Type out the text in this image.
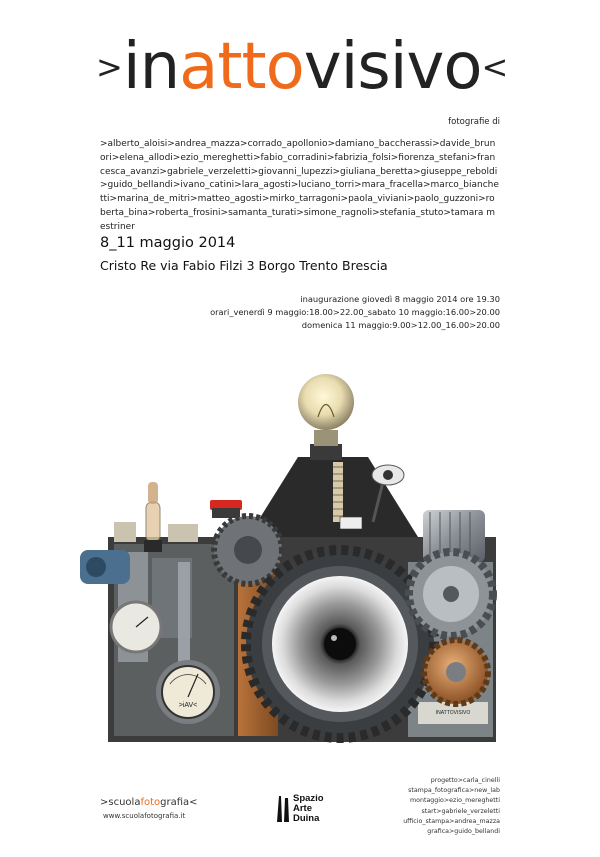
>inattovisivo<
fotografie di
>alberto_aloisi>andrea_mazza>corrado_apollonio>damiano_baccherassi>davide_brunori>elena_allodi>ezio_mereghetti>fabio_corradini>fabrizia_folsi>fiorenza_stefani>francesca_avanzi>gabriele_verzeletti>giovanni_lupezzi>giuliana_beretta>giuseppe_reboldi>guido_bellandi>ivano_catini>lara_agosti>luciano_torri>mara_fracella>marco_bianchetti>marina_de_mitri>matteo_agosti>mirko_tarragoni>paola_viviani>paolo_guzzoni>roberta_bina>roberta_frosini>samanta_turati>simone_ragnoli>stefania_stuto>tamara mestriner
8_11 maggio 2014
Cristo Re via Fabio Filzi 3 Borgo Trento Brescia
inaugurazione giovedì 8 maggio 2014 ore 19.30
orari_venerdì 9 maggio:18.00>22.00_sabato 10 maggio:16.00>20.00
domenica 11 maggio:9.00>12.00_16.00>20.00
INATTOVISIVO
>iAV<
>scuolafotografia<
www.scuolafotografia.it
Spazio
Arte
Duina
progetto>carla_cinelli
stampa_fotografica>new_lab
montaggio>ezio_mereghetti
start>gabriele_verzeletti
ufficio_stampa>andrea_mazza
grafica>guido_bellandi
